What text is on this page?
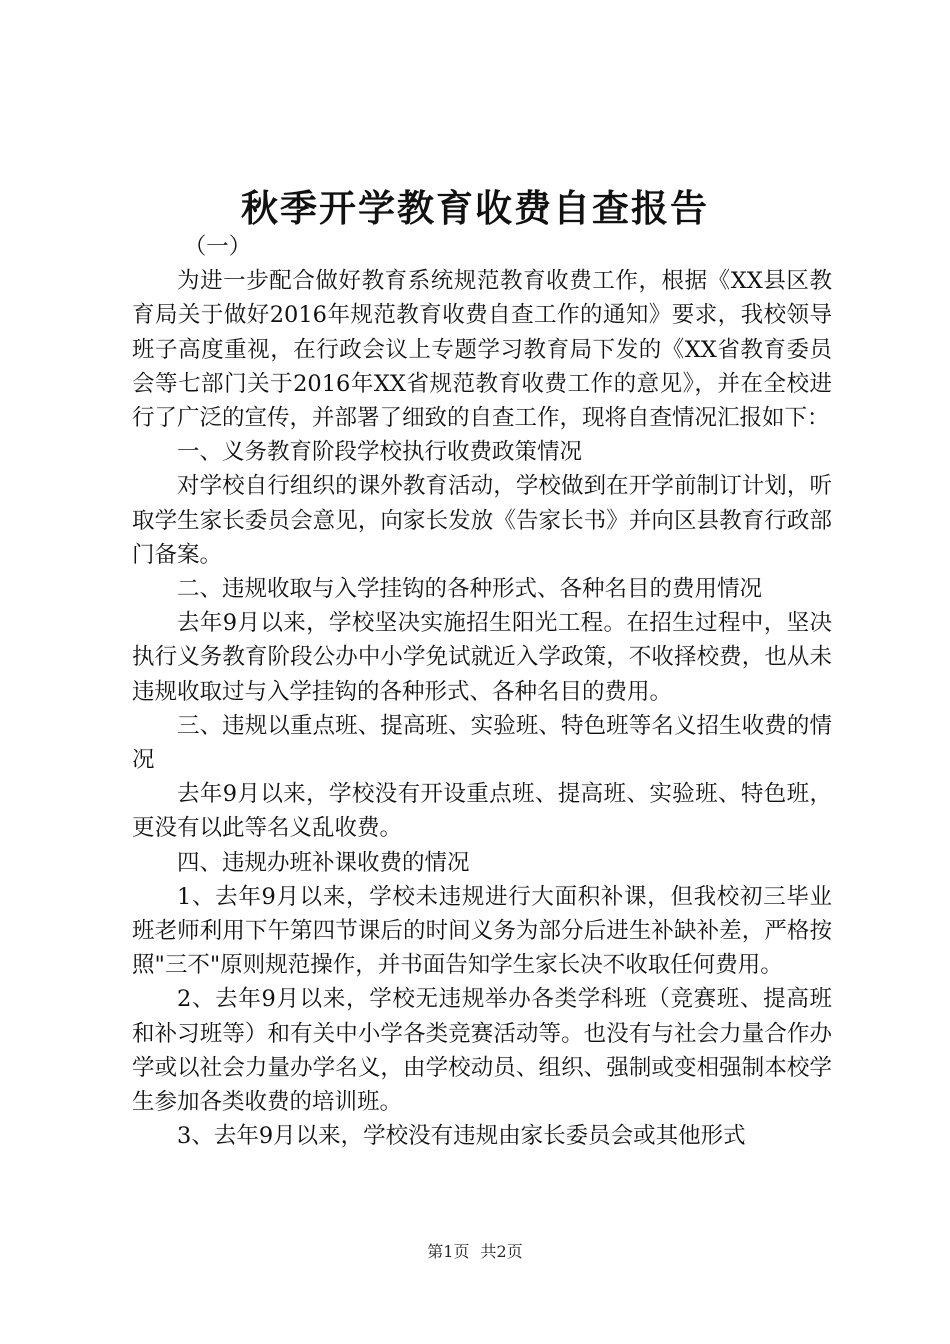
秋季开学教育收费自查报告

（一）

为进一步配合做好教育系统规范教育收费工作，根据《XX县区教育局关于做好2016年规范教育收费自查工作的通知》要求，我校领导班子高度重视，在行政会议上专题学习教育局下发的《XX省教育委员会等七部门关于2016年XX省规范教育收费工作的意见》，并在全校进行了广泛的宣传，并部署了细致的自查工作，现将自查情况汇报如下：

一、义务教育阶段学校执行收费政策情况

对学校自行组织的课外教育活动，学校做到在开学前制订计划，听取学生家长委员会意见，向家长发放《告家长书》并向区县教育行政部门备案。

二、违规收取与入学挂钩的各种形式、各种名目的费用情况

去年9月以来，学校坚决实施招生阳光工程。在招生过程中，坚决执行义务教育阶段公办中小学免试就近入学政策，不收择校费，也从未违规收取过与入学挂钩的各种形式、各种名目的费用。

三、违规以重点班、提高班、实验班、特色班等名义招生收费的情况

去年9月以来，学校没有开设重点班、提高班、实验班、特色班，更没有以此等名义乱收费。

四、违规办班补课收费的情况

1、去年9月以来，学校未违规进行大面积补课，但我校初三毕业班老师利用下午第四节课后的时间义务为部分后进生补缺补差，严格按照"三不"原则规范操作，并书面告知学生家长决不收取任何费用。

2、去年9月以来，学校无违规举办各类学科班（竞赛班、提高班和补习班等）和有关中小学各类竞赛活动等。也没有与社会力量合作办学或以社会力量办学名义，由学校动员、组织、强制或变相强制本校学生参加各类收费的培训班。

3、去年9月以来，学校没有违规由家长委员会或其他形式

第1页 共2页
